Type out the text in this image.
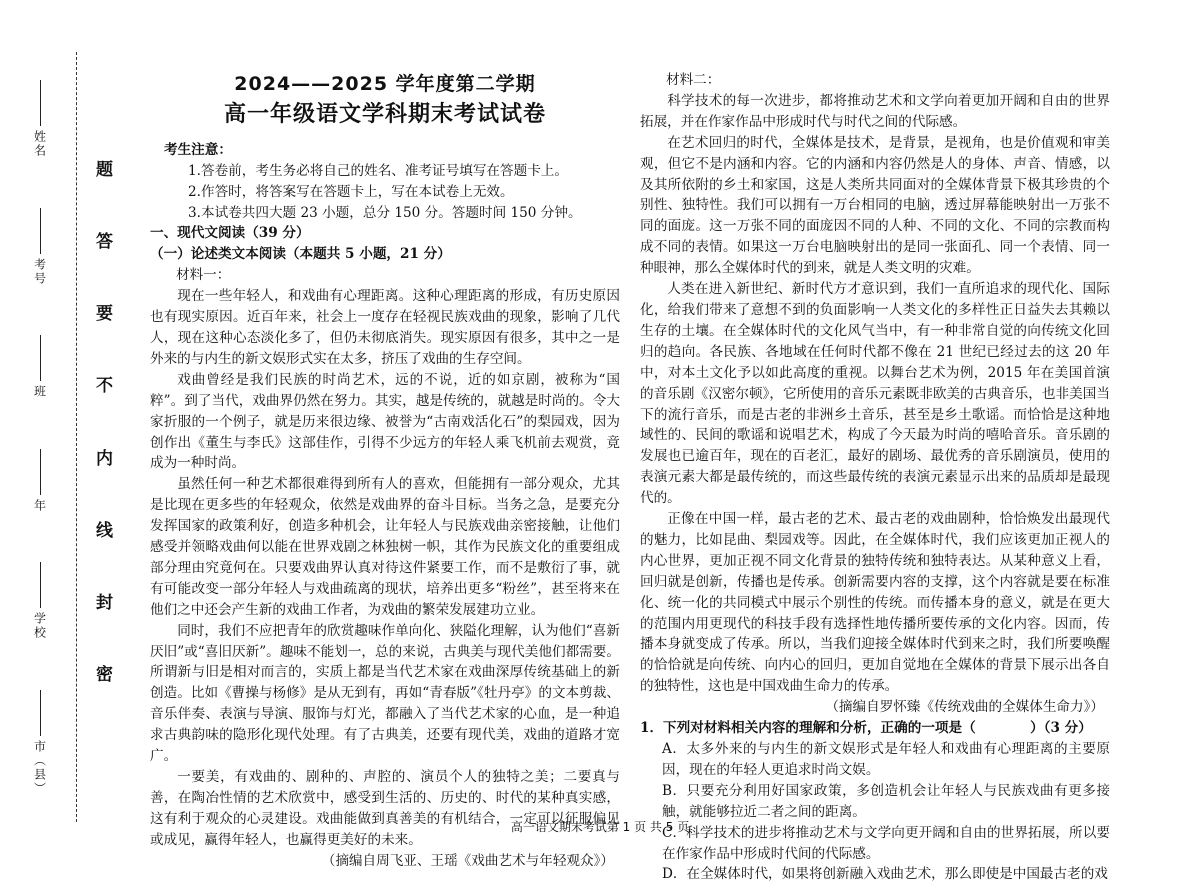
姓名
考号
班
年
学校
市（县）
题
答
要
不
内
线
封
密
2024——2025 学年度第二学期
高一年级语文学科期末考试试卷
考生注意：
1.答卷前，考生务必将自己的姓名、准考证号填写在答题卡上。
2.作答时，将答案写在答题卡上，写在本试卷上无效。
3.本试卷共四大题 23 小题，总分 150 分。答题时间 150 分钟。
一、现代文阅读（39 分）
（一）论述类文本阅读（本题共 5 小题，21 分）
材料一：

现在一些年轻人，和戏曲有心理距离。这种心理距离的形成，有历史原因也有现实原因。近百年来，社会上一度存在轻视民族戏曲的现象，影响了几代人，现在这种心态淡化多了，但仍未彻底消失。现实原因有很多，其中之一是外来的与内生的新文娱形式实在太多，挤压了戏曲的生存空间。

戏曲曾经是我们民族的时尚艺术，远的不说，近的如京剧，被称为“国粹”。到了当代，戏曲界仍然在努力。其实，越是传统的，就越是时尚的。令大家折服的一个例子，就是历来很边缘、被誉为“古南戏活化石”的梨园戏，因为创作出《董生与李氏》这部佳作，引得不少远方的年轻人乘飞机前去观赏，竟成为一种时尚。

虽然任何一种艺术都很难得到所有人的喜欢，但能拥有一部分观众，尤其是比现在更多些的年轻观众，依然是戏曲界的奋斗目标。当务之急，是要充分发挥国家的政策利好，创造多种机会，让年轻人与民族戏曲亲密接触，让他们感受并领略戏曲何以能在世界戏剧之林独树一帜，其作为民族文化的重要组成部分理由究竟何在。只要戏曲界认真对待这件紧要工作，而不是敷衍了事，就有可能改变一部分年轻人与戏曲疏离的现状，培养出更多“粉丝”，甚至将来在他们之中还会产生新的戏曲工作者，为戏曲的繁荣发展建功立业。

同时，我们不应把青年的欣赏趣味作单向化、狭隘化理解，认为他们“喜新厌旧”或“喜旧厌新”。趣味不能划一，总的来说，古典美与现代美他们都需要。所谓新与旧是相对而言的，实质上都是当代艺术家在戏曲深厚传统基础上的新创造。比如《曹操与杨修》是从无到有，再如“青春版”《牡丹亭》的文本剪裁、音乐伴奏、表演与导演、服饰与灯光，都融入了当代艺术家的心血，是一种追求古典韵味的隐形化现代处理。有了古典美，还要有现代美，戏曲的道路才宽广。

一要美，有戏曲的、剧种的、声腔的、演员个人的独特之美；二要真与善，在陶冶性情的艺术欣赏中，感受到生活的、历史的、时代的某种真实感，这有利于观众的心灵建设。戏曲能做到真善美的有机结合，一定可以征服偏见或成见，赢得年轻人，也赢得更美好的未来。

（摘编自周飞亚、王瑶《戏曲艺术与年轻观众》）
材料二：

科学技术的每一次进步，都将推动艺术和文学向着更加开阔和自由的世界拓展，并在作家作品中形成时代与时代之间的代际感。

在艺术回归的时代，全媒体是技术，是背景，是视角，也是价值观和审美观，但它不是内涵和内容。它的内涵和内容仍然是人的身体、声音、情感，以及其所依附的乡土和家国，这是人类所共同面对的全媒体背景下极其珍贵的个别性、独特性。我们可以拥有一万台相同的电脑，透过屏幕能映射出一万张不同的面庞。这一万张不同的面庞因不同的人种、不同的文化、不同的宗教而构成不同的表情。如果这一万台电脑映射出的是同一张面孔、同一个表情、同一种眼神，那么全媒体时代的到来，就是人类文明的灾难。

人类在进入新世纪、新时代方才意识到，我们一直所追求的现代化、国际化，给我们带来了意想不到的负面影响一人类文化的多样性正日益失去其赖以生存的土壤。在全媒体时代的文化风气当中，有一种非常自觉的向传统文化回归的趋向。各民族、各地域在任何时代都不像在 21 世纪已经过去的这 20 年中，对本土文化予以如此高度的重视。以舞台艺术为例，2015 年在美国首演的音乐剧《汉密尔顿》，它所使用的音乐元素既非欧美的古典音乐，也非美国当下的流行音乐，而是古老的非洲乡土音乐，甚至是乡土歌谣。而恰恰是这种地域性的、民间的歌谣和说唱艺术，构成了今天最为时尚的嘻哈音乐。音乐剧的发展也已逾百年，现在的百老汇，最好的剧场、最优秀的音乐剧演员，使用的表演元素大都是最传统的，而这些最传统的表演元素显示出来的品质却是最现代的。

正像在中国一样，最古老的艺术、最古老的戏曲剧种，恰恰焕发出最现代的魅力，比如昆曲、梨园戏等。因此，在全媒体时代，我们应该更加正视人的内心世界，更加正视不同文化背景的独特传统和独特表达。从某种意义上看，回归就是创新，传播也是传承。创新需要内容的支撑，这个内容就是要在标准化、统一化的共同模式中展示个别性的传统。而传播本身的意义，就是在更大的范围内用更现代的科技手段有选择性地传播所要传承的文化内容。因而，传播本身就变成了传承。所以，当我们迎接全媒体时代到来之时，我们所要唤醒的恰恰就是向传统、向内心的回归，更加自觉地在全媒体的背景下展示出各自的独特性，这也是中国戏曲生命力的传承。

（摘编自罗怀臻《传统戏曲的全媒体生命力》）
1．下列对材料相关内容的理解和分析，正确的一项是（　　　　）（3 分）
A．太多外来的与内生的新文娱形式是年轻人和戏曲有心理距离的主要原因，现在的年轻人更追求时尚文娱。
B．只要充分利用好国家政策，多创造机会让年轻人与民族戏曲有更多接触，就能够拉近二者之间的距离。
C．科学技术的进步将推动艺术与文学向更开阔和自由的世界拓展，所以要在作家作品中形成时代间的代际感。
D．在全媒体时代，如果将创新融入戏曲艺术，那么即使是中国最古老的戏
高一语文期末考试第 1 页 共 5 页
